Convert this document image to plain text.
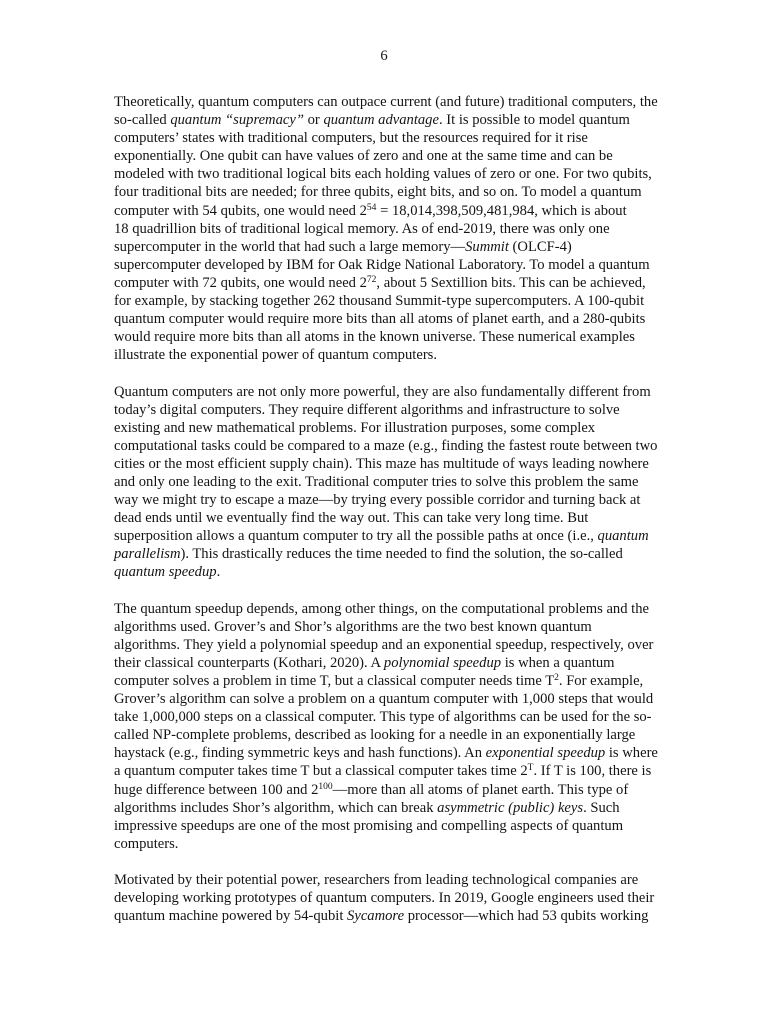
6
Theoretically, quantum computers can outpace current (and future) traditional computers, the
so-called quantum “supremacy” or quantum advantage. It is possible to model quantum
computers’ states with traditional computers, but the resources required for it rise
exponentially. One qubit can have values of zero and one at the same time and can be
modeled with two traditional logical bits each holding values of zero or one. For two qubits,
four traditional bits are needed; for three qubits, eight bits, and so on. To model a quantum
computer with 54 qubits, one would need $2^{54} = 18,014,398,509,481,984$, which is about
18 quadrillion bits of traditional logical memory. As of end-2019, there was only one
supercomputer in the world that had such a large memory—Summit (OLCF-4)
supercomputer developed by IBM for Oak Ridge National Laboratory. To model a quantum
computer with 72 qubits, one would need $2^{72}$, about 5 Sextillion bits. This can be achieved,
for example, by stacking together 262 thousand Summit-type supercomputers. A 100-qubit
quantum computer would require more bits than all atoms of planet earth, and a 280-qubits
would require more bits than all atoms in the known universe. These numerical examples
illustrate the exponential power of quantum computers.
Quantum computers are not only more powerful, they are also fundamentally different from
today’s digital computers. They require different algorithms and infrastructure to solve
existing and new mathematical problems. For illustration purposes, some complex
computational tasks could be compared to a maze (e.g., finding the fastest route between two
cities or the most efficient supply chain). This maze has multitude of ways leading nowhere
and only one leading to the exit. Traditional computer tries to solve this problem the same
way we might try to escape a maze—by trying every possible corridor and turning back at
dead ends until we eventually find the way out. This can take very long time. But
superposition allows a quantum computer to try all the possible paths at once (i.e., quantum
parallelism). This drastically reduces the time needed to find the solution, the so-called
quantum speedup.
The quantum speedup depends, among other things, on the computational problems and the
algorithms used. Grover’s and Shor’s algorithms are the two best known quantum
algorithms. They yield a polynomial speedup and an exponential speedup, respectively, over
their classical counterparts (Kothari, 2020). A polynomial speedup is when a quantum
computer solves a problem in time T, but a classical computer needs time $T^2$. For example,
Grover’s algorithm can solve a problem on a quantum computer with 1,000 steps that would
take 1,000,000 steps on a classical computer. This type of algorithms can be used for the so-
called NP-complete problems, described as looking for a needle in an exponentially large
haystack (e.g., finding symmetric keys and hash functions). An exponential speedup is where
a quantum computer takes time T but a classical computer takes time $2^T$. If T is 100, there is
huge difference between 100 and $2^{100}—more$ than all atoms of planet earth. This type of
algorithms includes Shor’s algorithm, which can break asymmetric (public) keys. Such
impressive speedups are one of the most promising and compelling aspects of quantum
computers.
Motivated by their potential power, researchers from leading technological companies are
developing working prototypes of quantum computers. In 2019, Google engineers used their
quantum machine powered by 54-qubit Sycamore processor—which had 53 qubits working
